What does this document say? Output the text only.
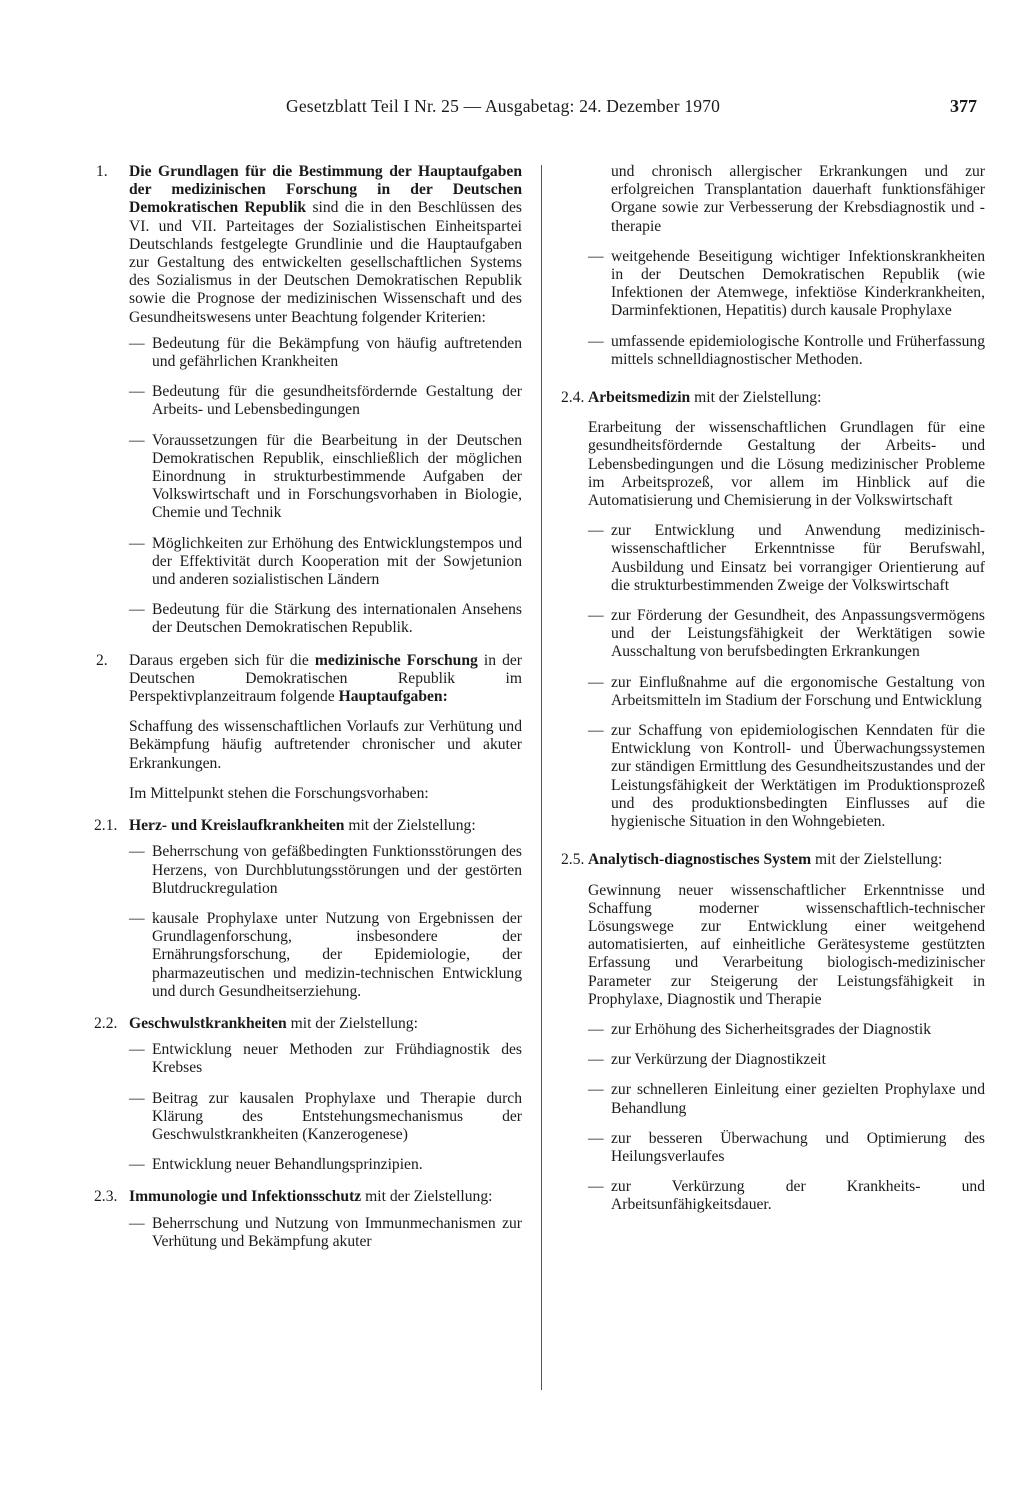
Gesetzblatt Teil I Nr. 25 — Ausgabetag: 24. Dezember 1970	377
1. Die Grundlagen für die Bestimmung der Hauptaufgaben der medizinischen Forschung in der Deutschen Demokratischen Republik sind die in den Beschlüssen des VI. und VII. Parteitages der Sozialistischen Einheitspartei Deutschlands festgelegte Grundlinie und die Hauptaufgaben zur Gestaltung des entwickelten gesellschaftlichen Systems des Sozialismus in der Deutschen Demokratischen Republik sowie die Prognose der medizinischen Wissenschaft und des Gesundheitswesens unter Beachtung folgender Kriterien:
— Bedeutung für die Bekämpfung von häufig auftretenden und gefährlichen Krankheiten
— Bedeutung für die gesundheitsfördernde Gestaltung der Arbeits- und Lebensbedingungen
— Voraussetzungen für die Bearbeitung in der Deutschen Demokratischen Republik, einschließlich der möglichen Einordnung in strukturbestimmende Aufgaben der Volkswirtschaft und in Forschungsvorhaben in Biologie, Chemie und Technik
— Möglichkeiten zur Erhöhung des Entwicklungstempos und der Effektivität durch Kooperation mit der Sowjetunion und anderen sozialistischen Ländern
— Bedeutung für die Stärkung des internationalen Ansehens der Deutschen Demokratischen Republik.
2. Daraus ergeben sich für die medizinische Forschung in der Deutschen Demokratischen Republik im Perspektivplanzeitraum folgende Hauptaufgaben:
Schaffung des wissenschaftlichen Vorlaufs zur Verhütung und Bekämpfung häufig auftretender chronischer und akuter Erkrankungen.
Im Mittelpunkt stehen die Forschungsvorhaben:
2.1. Herz- und Kreislaufkrankheiten mit der Zielstellung:
— Beherrschung von gefäßbedingten Funktionsstörungen des Herzens, von Durchblutungsstörungen und der gestörten Blutdruckregulation
— kausale Prophylaxe unter Nutzung von Ergebnissen der Grundlagenforschung, insbesondere der Ernährungsforschung, der Epidemiologie, der pharmazeutischen und medizin-technischen Entwicklung und durch Gesundheitserziehung.
2.2. Geschwulstkrankheiten mit der Zielstellung:
— Entwicklung neuer Methoden zur Frühdiagnostik des Krebses
— Beitrag zur kausalen Prophylaxe und Therapie durch Klärung des Entstehungsmechanismus der Geschwulstkrankheiten (Kanzerogenese)
— Entwicklung neuer Behandlungsprinzipien.
2.3. Immunologie und Infektionsschutz mit der Zielstellung:
— Beherrschung und Nutzung von Immunmechanismen zur Verhütung und Bekämpfung akuter
und chronisch allergischer Erkrankungen und zur erfolgreichen Transplantation dauerhaft funktionsfähiger Organe sowie zur Verbesserung der Krebsdiagnostik und -therapie
— weitgehende Beseitigung wichtiger Infektionskrankheiten in der Deutschen Demokratischen Republik (wie Infektionen der Atemwege, infektiöse Kinderkrankheiten, Darminfektionen, Hepatitis) durch kausale Prophylaxe
— umfassende epidemiologische Kontrolle und Früherfassung mittels schnelldiagnostischer Methoden.
2.4. Arbeitsmedizin mit der Zielstellung:
Erarbeitung der wissenschaftlichen Grundlagen für eine gesundheitsfördernde Gestaltung der Arbeits- und Lebensbedingungen und die Lösung medizinischer Probleme im Arbeitsprozeß, vor allem im Hinblick auf die Automatisierung und Chemisierung in der Volkswirtschaft
— zur Entwicklung und Anwendung medizinisch-wissenschaftlicher Erkenntnisse für Berufswahl, Ausbildung und Einsatz bei vorrangiger Orientierung auf die strukturbestimmenden Zweige der Volkswirtschaft
— zur Förderung der Gesundheit, des Anpassungsvermögens und der Leistungsfähigkeit der Werktätigen sowie Ausschaltung von berufsbedingten Erkrankungen
— zur Einflußnahme auf die ergonomische Gestaltung von Arbeitsmitteln im Stadium der Forschung und Entwicklung
— zur Schaffung von epidemiologischen Kenndaten für die Entwicklung von Kontroll- und Überwachungssystemen zur ständigen Ermittlung des Gesundheitszustandes und der Leistungsfähigkeit der Werktätigen im Produktionsprozeß und des produktionsbedingten Einflusses auf die hygienische Situation in den Wohngebieten.
2.5. Analytisch-diagnostisches System mit der Zielstellung:
Gewinnung neuer wissenschaftlicher Erkenntnisse und Schaffung moderner wissenschaftlich-technischer Lösungswege zur Entwicklung einer weitgehend automatisierten, auf einheitliche Gerätesysteme gestützten Erfassung und Verarbeitung biologisch-medizinischer Parameter zur Steigerung der Leistungsfähigkeit in Prophylaxe, Diagnostik und Therapie
— zur Erhöhung des Sicherheitsgrades der Diagnostik
— zur Verkürzung der Diagnostikzeit
— zur schnelleren Einleitung einer gezielten Prophylaxe und Behandlung
— zur besseren Überwachung und Optimierung des Heilungsverlaufes
— zur Verkürzung der Krankheits- und Arbeitsunfähigkeitsdauer.
